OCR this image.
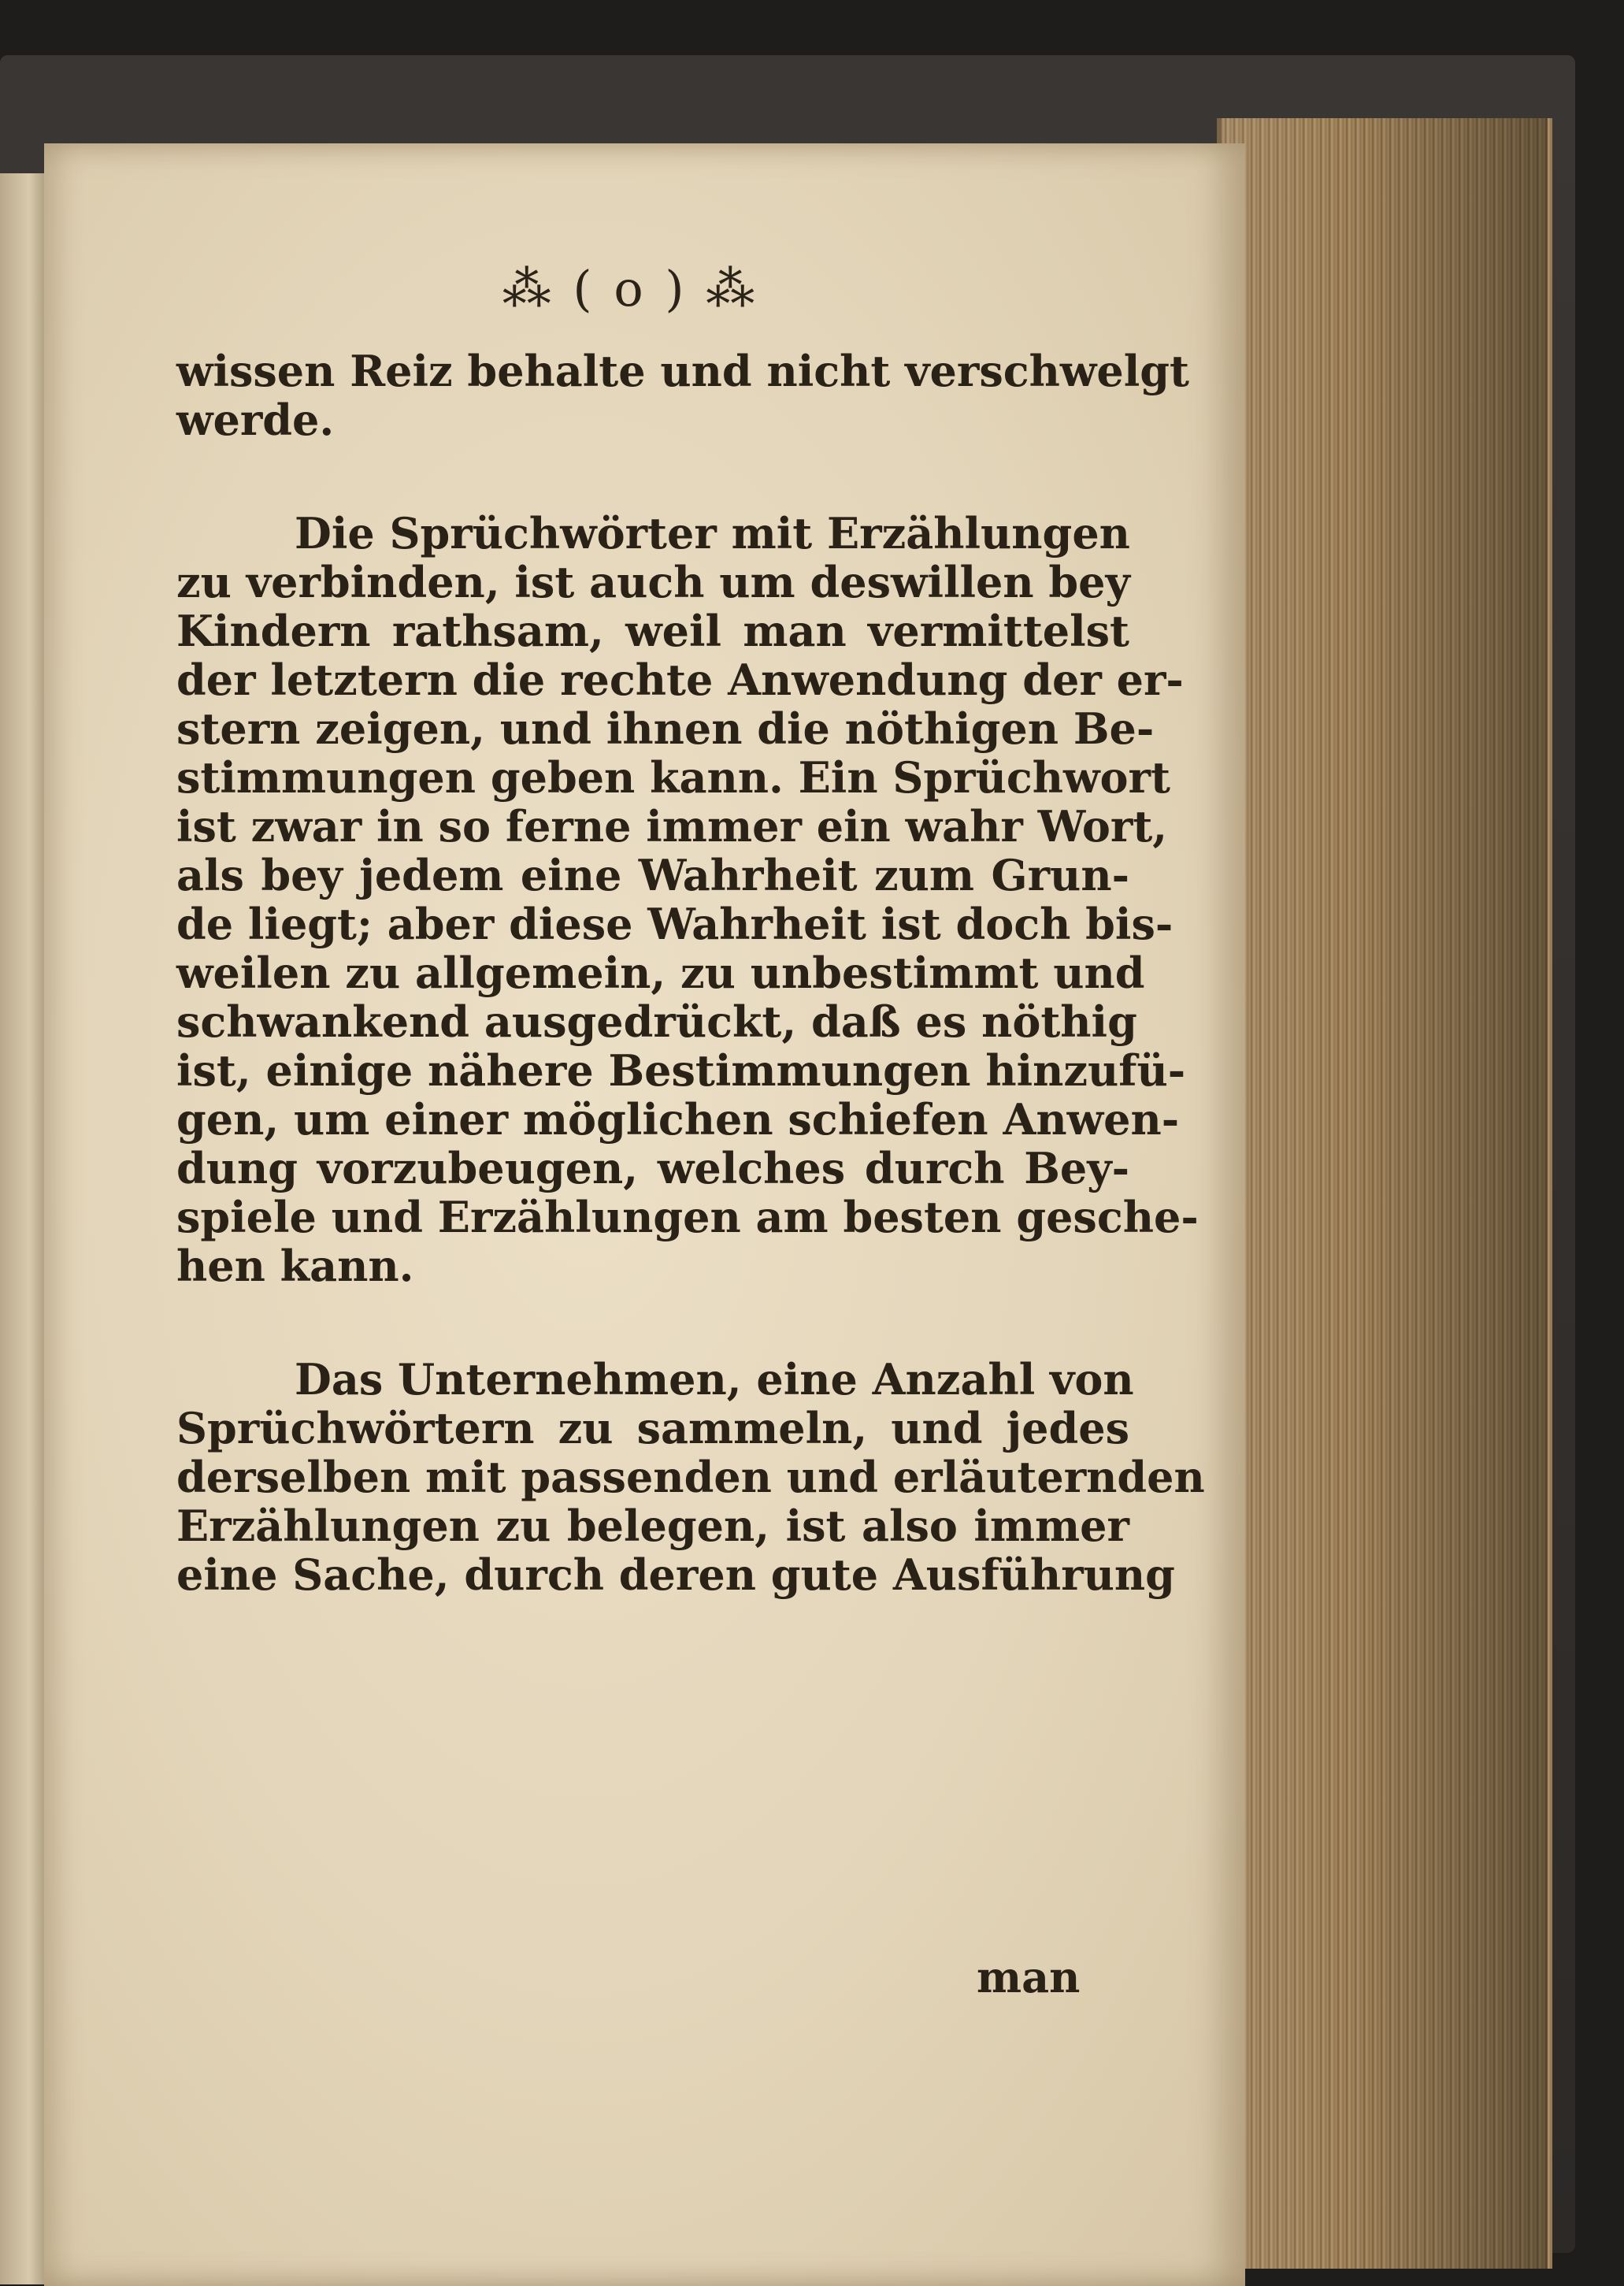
⁂ ( o ) ⁂
wissen Reiz behalte und nicht verschwelgt
werde.
Die Sprüchwörter mit Erzählungen
zu verbinden, ist auch um deswillen bey
Kindern rathsam, weil man vermittelst
der letztern die rechte Anwendung der er-
stern zeigen, und ihnen die nöthigen Be-
stimmungen geben kann. Ein Sprüchwort
ist zwar in so ferne immer ein wahr Wort,
als bey jedem eine Wahrheit zum Grun-
de liegt; aber diese Wahrheit ist doch bis-
weilen zu allgemein, zu unbestimmt und
schwankend ausgedrückt, daß es nöthig
ist, einige nähere Bestimmungen hinzufü-
gen, um einer möglichen schiefen Anwen-
dung vorzubeugen, welches durch Bey-
spiele und Erzählungen am besten gesche-
hen kann.
Das Unternehmen, eine Anzahl von
Sprüchwörtern zu sammeln, und jedes
derselben mit passenden und erläuternden
Erzählungen zu belegen, ist also immer
eine Sache, durch deren gute Ausführung
man
